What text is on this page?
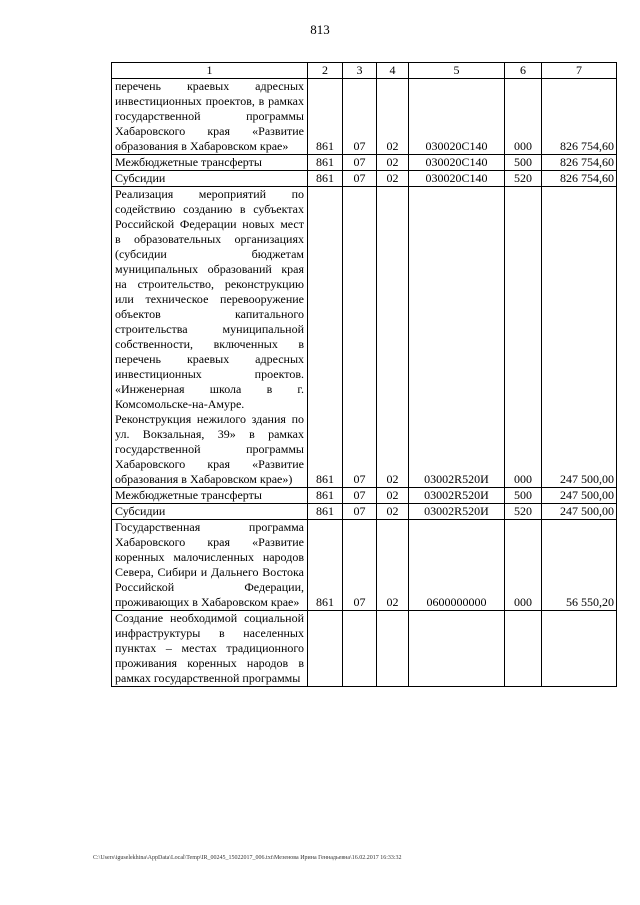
813
1	2	3	4	5	6	7
перечень краевых адресных инвестиционных проектов, в рамках государственной программы Хабаровского края «Развитие образования в Хабаровском крае»	861	07	02	030020С140	000	826 754,60
Межбюджетные трансферты	861	07	02	030020С140	500	826 754,60
Субсидии	861	07	02	030020С140	520	826 754,60
Реализация мероприятий по содействию созданию в субъектах Российской Федерации новых мест в образовательных организациях (субсидии бюджетам муниципальных образований края на строительство, реконструкцию или техническое перевооружение объектов капитального строительства муниципальной собственности, включенных в перечень краевых адресных инвестиционных проектов. «Инженерная школа в г. Комсомольске-на-Амуре. Реконструкция нежилого здания по ул. Вокзальная, 39» в рамках государственной программы Хабаровского края «Развитие образования в Хабаровском крае»)	861	07	02	03002R520И	000	247 500,00
Межбюджетные трансферты	861	07	02	03002R520И	500	247 500,00
Субсидии	861	07	02	03002R520И	520	247 500,00
Государственная программа Хабаровского края «Развитие коренных малочисленных народов Севера, Сибири и Дальнего Востока Российской Федерации, проживающих в Хабаровском крае»	861	07	02	0600000000	000	56 550,20
Создание необходимой социальной инфраструктуры в населенных пунктах – местах традиционного проживания коренных народов в рамках государственной программы						
C:\Users\iguselekhina\AppData\Local\Temp\IR_00245_15022017_006.txt\Мезенова Ирина Геннадьевна\16.02.2017 16:33:32
